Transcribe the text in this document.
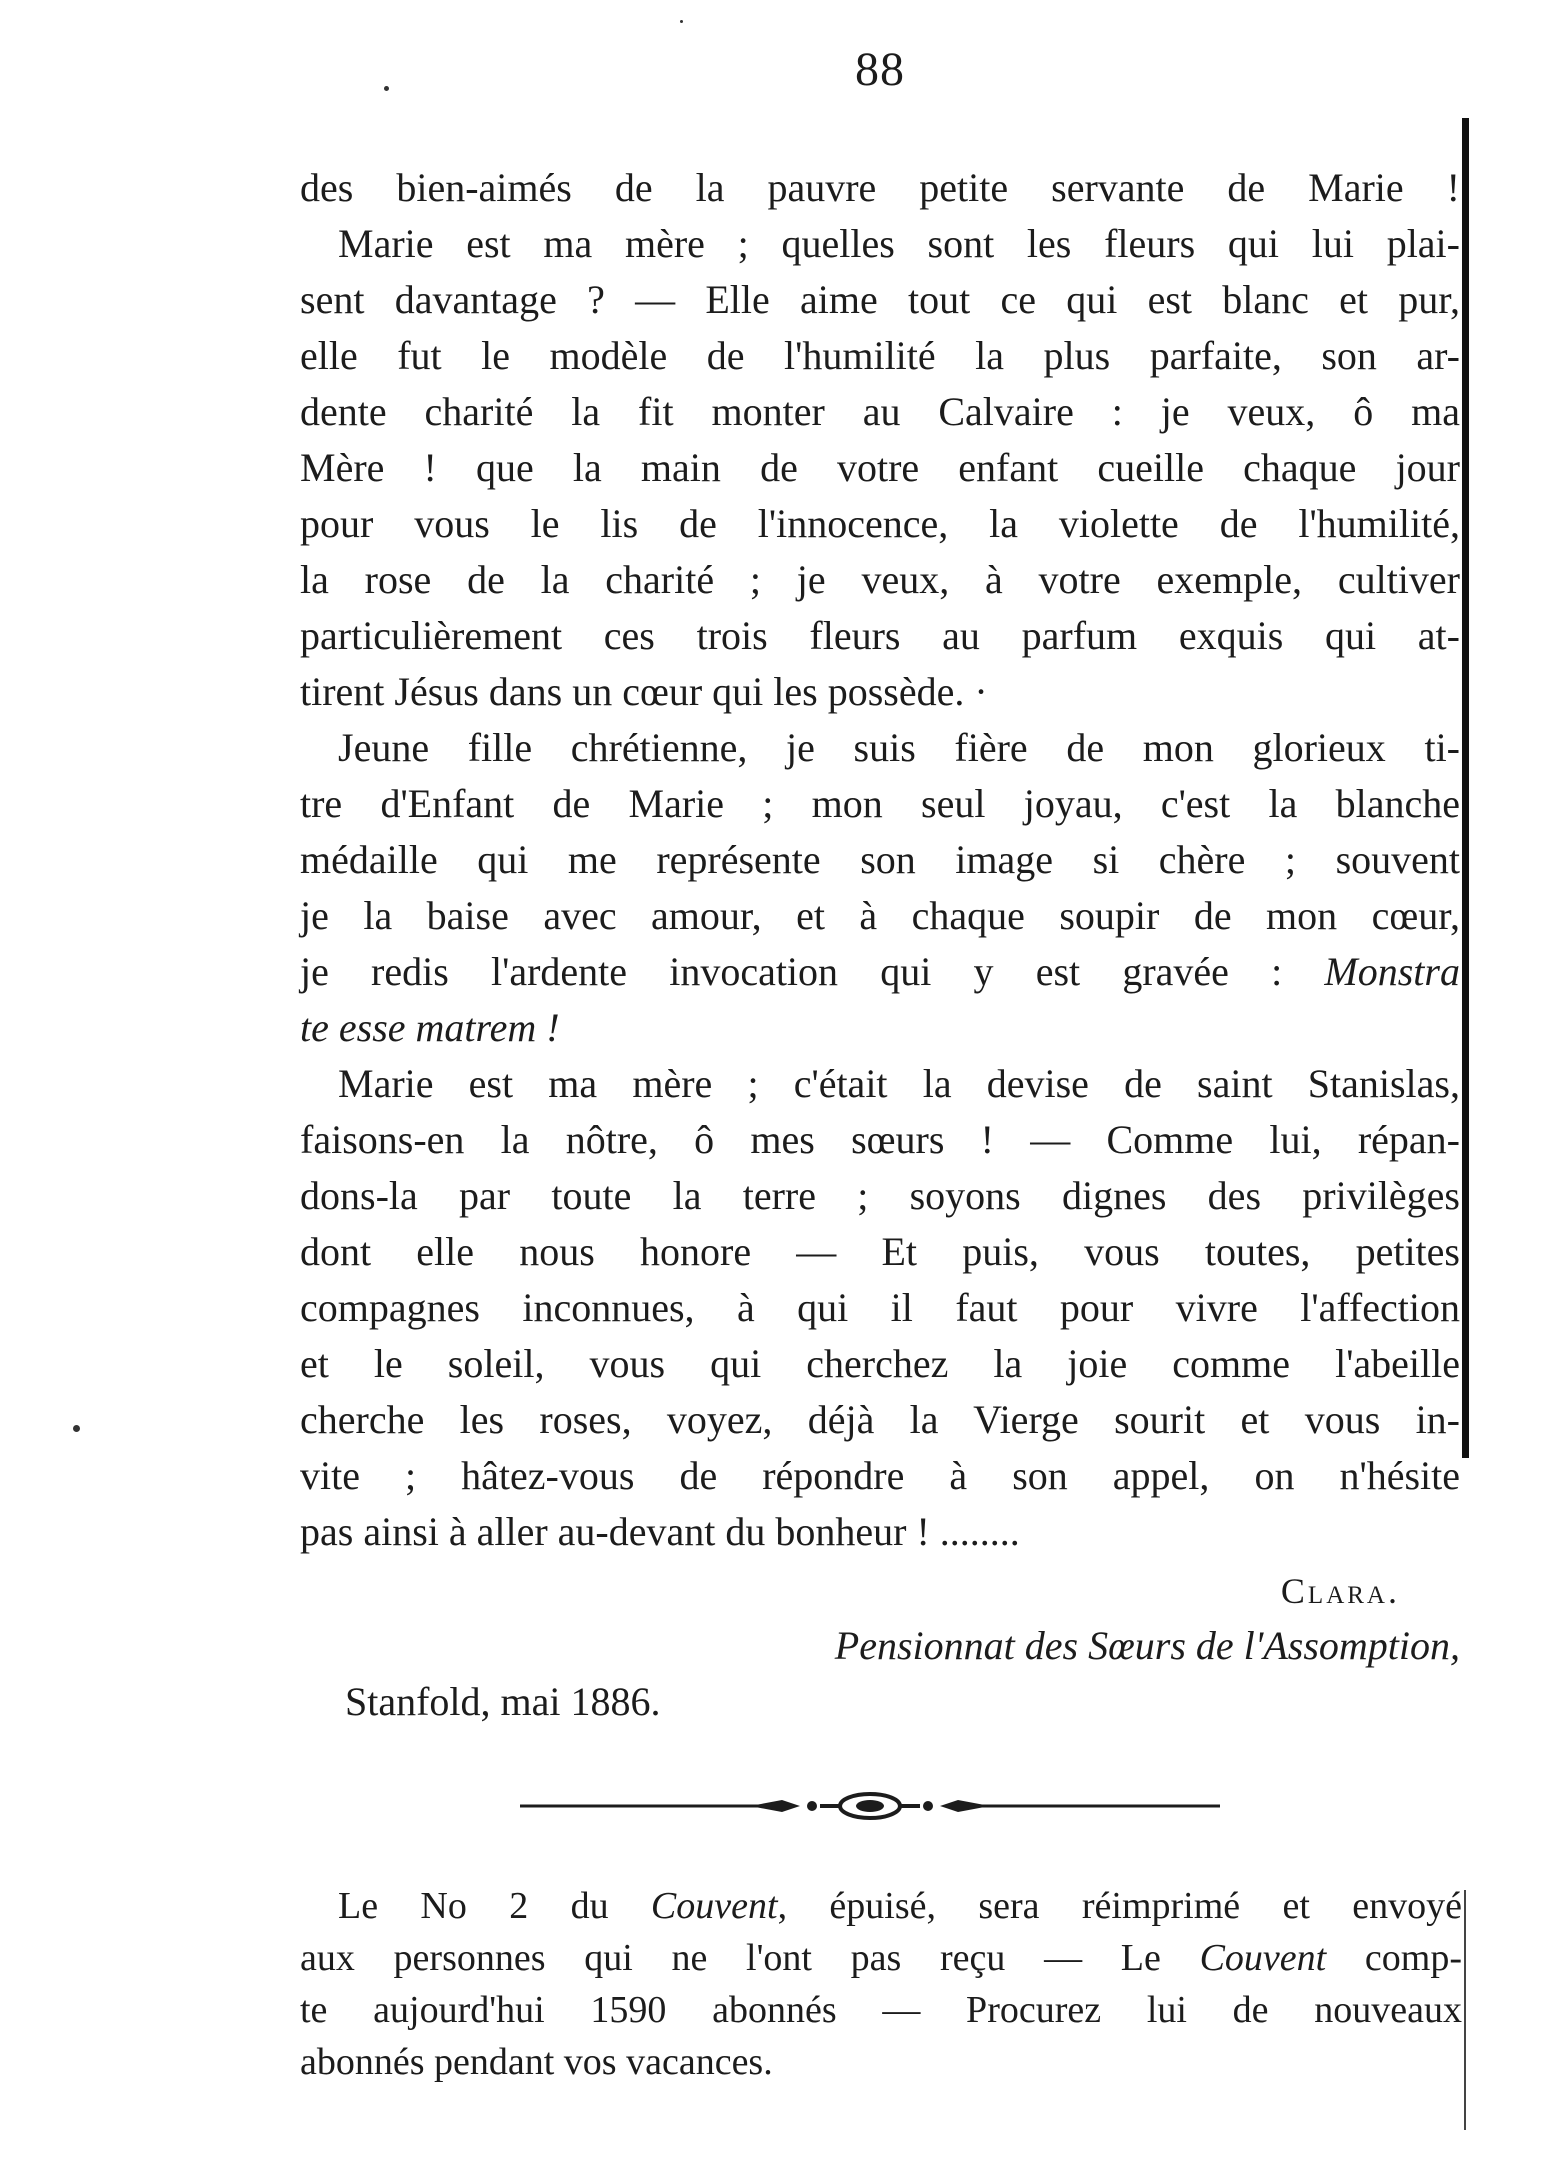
88
des bien-aimés de la pauvre petite servante de Marie !
Marie est ma mère ; quelles sont les fleurs qui lui plai-
sent davantage ? — Elle aime tout ce qui est blanc et pur,
elle fut le modèle de l'humilité la plus parfaite, son ar-
dente charité la fit monter au Calvaire : je veux, ô ma
Mère ! que la main de votre enfant cueille chaque jour
pour vous le lis de l'innocence, la violette de l'humilité,
la rose de la charité ; je veux, à votre exemple, cultiver
particulièrement ces trois fleurs au parfum exquis qui at-
tirent Jésus dans un cœur qui les possède. ·
Jeune fille chrétienne, je suis fière de mon glorieux ti-
tre d'Enfant de Marie ; mon seul joyau, c'est la blanche
médaille qui me représente son image si chère ; souvent
je la baise avec amour, et à chaque soupir de mon cœur,
je redis l'ardente invocation qui y est gravée : Monstra
te esse matrem !
Marie est ma mère ; c'était la devise de saint Stanislas,
faisons-en la nôtre, ô mes sœurs ! — Comme lui, répan-
dons-la par toute la terre ; soyons dignes des privilèges
dont elle nous honore — Et puis, vous toutes, petites
compagnes inconnues, à qui il faut pour vivre l'affection
et le soleil, vous qui cherchez la joie comme l'abeille
cherche les roses, voyez, déjà la Vierge sourit et vous in-
vite ; hâtez-vous de répondre à son appel, on n'hésite
pas ainsi à aller au-devant du bonheur ! ........
Clara.
Pensionnat des Sœurs de l'Assomption,
Stanfold, mai 1886.
Le No 2 du Couvent, épuisé, sera réimprimé et envoyé
aux personnes qui ne l'ont pas reçu — Le Couvent comp-
te aujourd'hui 1590 abonnés — Procurez lui de nouveaux
abonnés pendant vos vacances.
